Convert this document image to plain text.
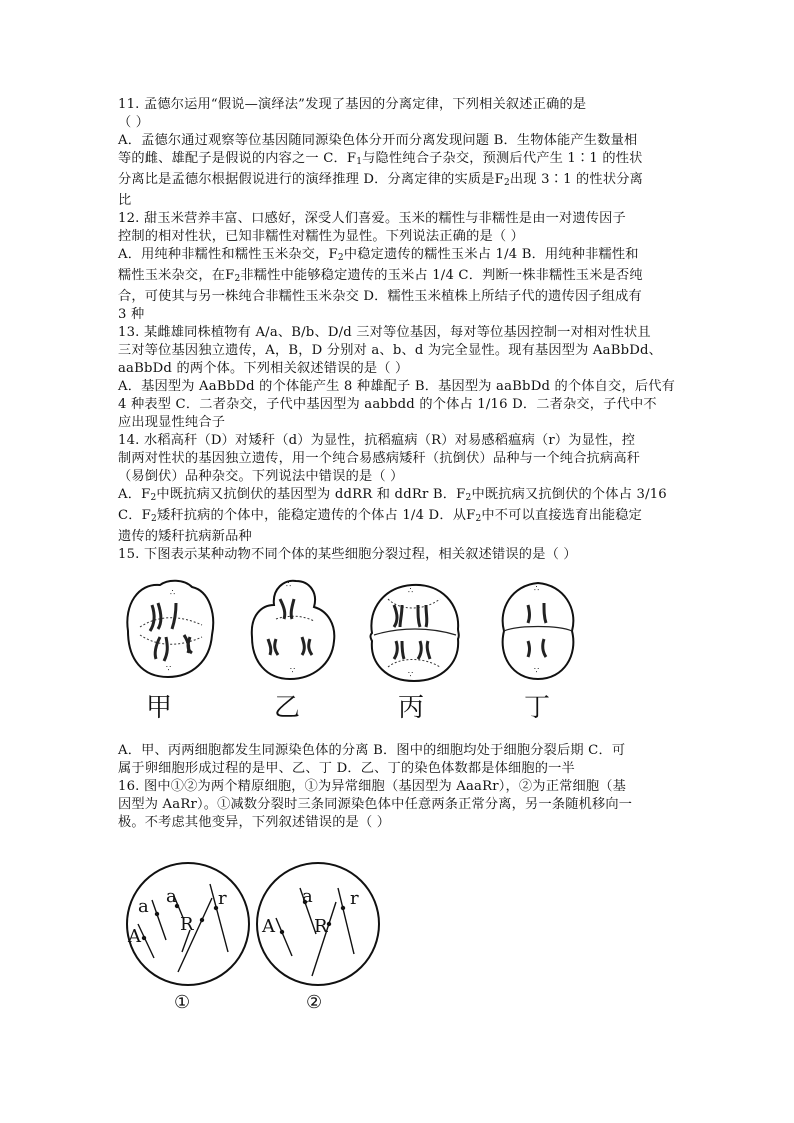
11. 孟德尔运用“假说—演绎法”发现了基因的分离定律，下列相关叙述正确的是
（ ）
A．孟德尔通过观察等位基因随同源染色体分开而分离发现问题 B．生物体能产生数量相
等的雌、雄配子是假说的内容之一 C．$F_1$与隐性纯合子杂交，预测后代产生 1∶1 的性状
分离比是孟德尔根据假说进行的演绎推理 D．分离定律的实质是$F_2$出现 3∶1 的性状分离
比
12. 甜玉米营养丰富、口感好，深受人们喜爱。玉米的糯性与非糯性是由一对遗传因子
控制的相对性状，已知非糯性对糯性为显性。下列说法正确的是（ ）
A．用纯种非糯性和糯性玉米杂交，$F_2$中稳定遗传的糯性玉米占 1/4 B．用纯种非糯性和
糯性玉米杂交，在$F_2$非糯性中能够稳定遗传的玉米占 1/4 C．判断一株非糯性玉米是否纯
合，可使其与另一株纯合非糯性玉米杂交 D．糯性玉米植株上所结子代的遗传因子组成有
3 种
13. 某雌雄同株植物有 A/a、B/b、D/d 三对等位基因，每对等位基因控制一对相对性状且
三对等位基因独立遗传，A，B，D 分别对 a、b、d 为完全显性。现有基因型为 AaBbDd、
aaBbDd 的两个体。下列相关叙述错误的是（ ）
A．基因型为 AaBbDd 的个体能产生 8 种雄配子 B．基因型为 aaBbDd 的个体自交，后代有
4 种表型 C．二者杂交，子代中基因型为 aabbdd 的个体占 1/16 D．二者杂交，子代中不
应出现显性纯合子
14. 水稻高秆（D）对矮秆（d）为显性，抗稻瘟病（R）对易感稻瘟病（r）为显性，控
制两对性状的基因独立遗传，用一个纯合易感病矮秆（抗倒伏）品种与一个纯合抗病高秆
（易倒伏）品种杂交。下列说法中错误的是（ ）
A．$F_2$中既抗病又抗倒伏的基因型为 ddRR 和 ddRr B．$F_2$中既抗病又抗倒伏的个体占 3/16
C．$F_2$矮秆抗病的个体中，能稳定遗传的个体占 1/4 D．从$F_2$中不可以直接选育出能稳定
遗传的矮秆抗病新品种
15. 下图表示某种动物不同个体的某些细胞分裂过程，相关叙述错误的是（ ）
∴
∵
∴
∵
∴
∵
∴
∵
甲	乙	丙	丁
A．甲、丙两细胞都发生同源染色体的分离 B．图中的细胞均处于细胞分裂后期 C．可
属于卵细胞形成过程的是甲、乙、丁 D．乙、丁的染色体数都是体细胞的一半
16. 图中①②为两个精原细胞，①为异常细胞（基因型为 AaaRr），②为正常细胞（基
因型为 AaRr）。①减数分裂时三条同源染色体中任意两条正常分离，另一条随机移向一
极。不考虑其他变异，下列叙述错误的是（ ）
a a r
R
A
a r
A R
①	②
